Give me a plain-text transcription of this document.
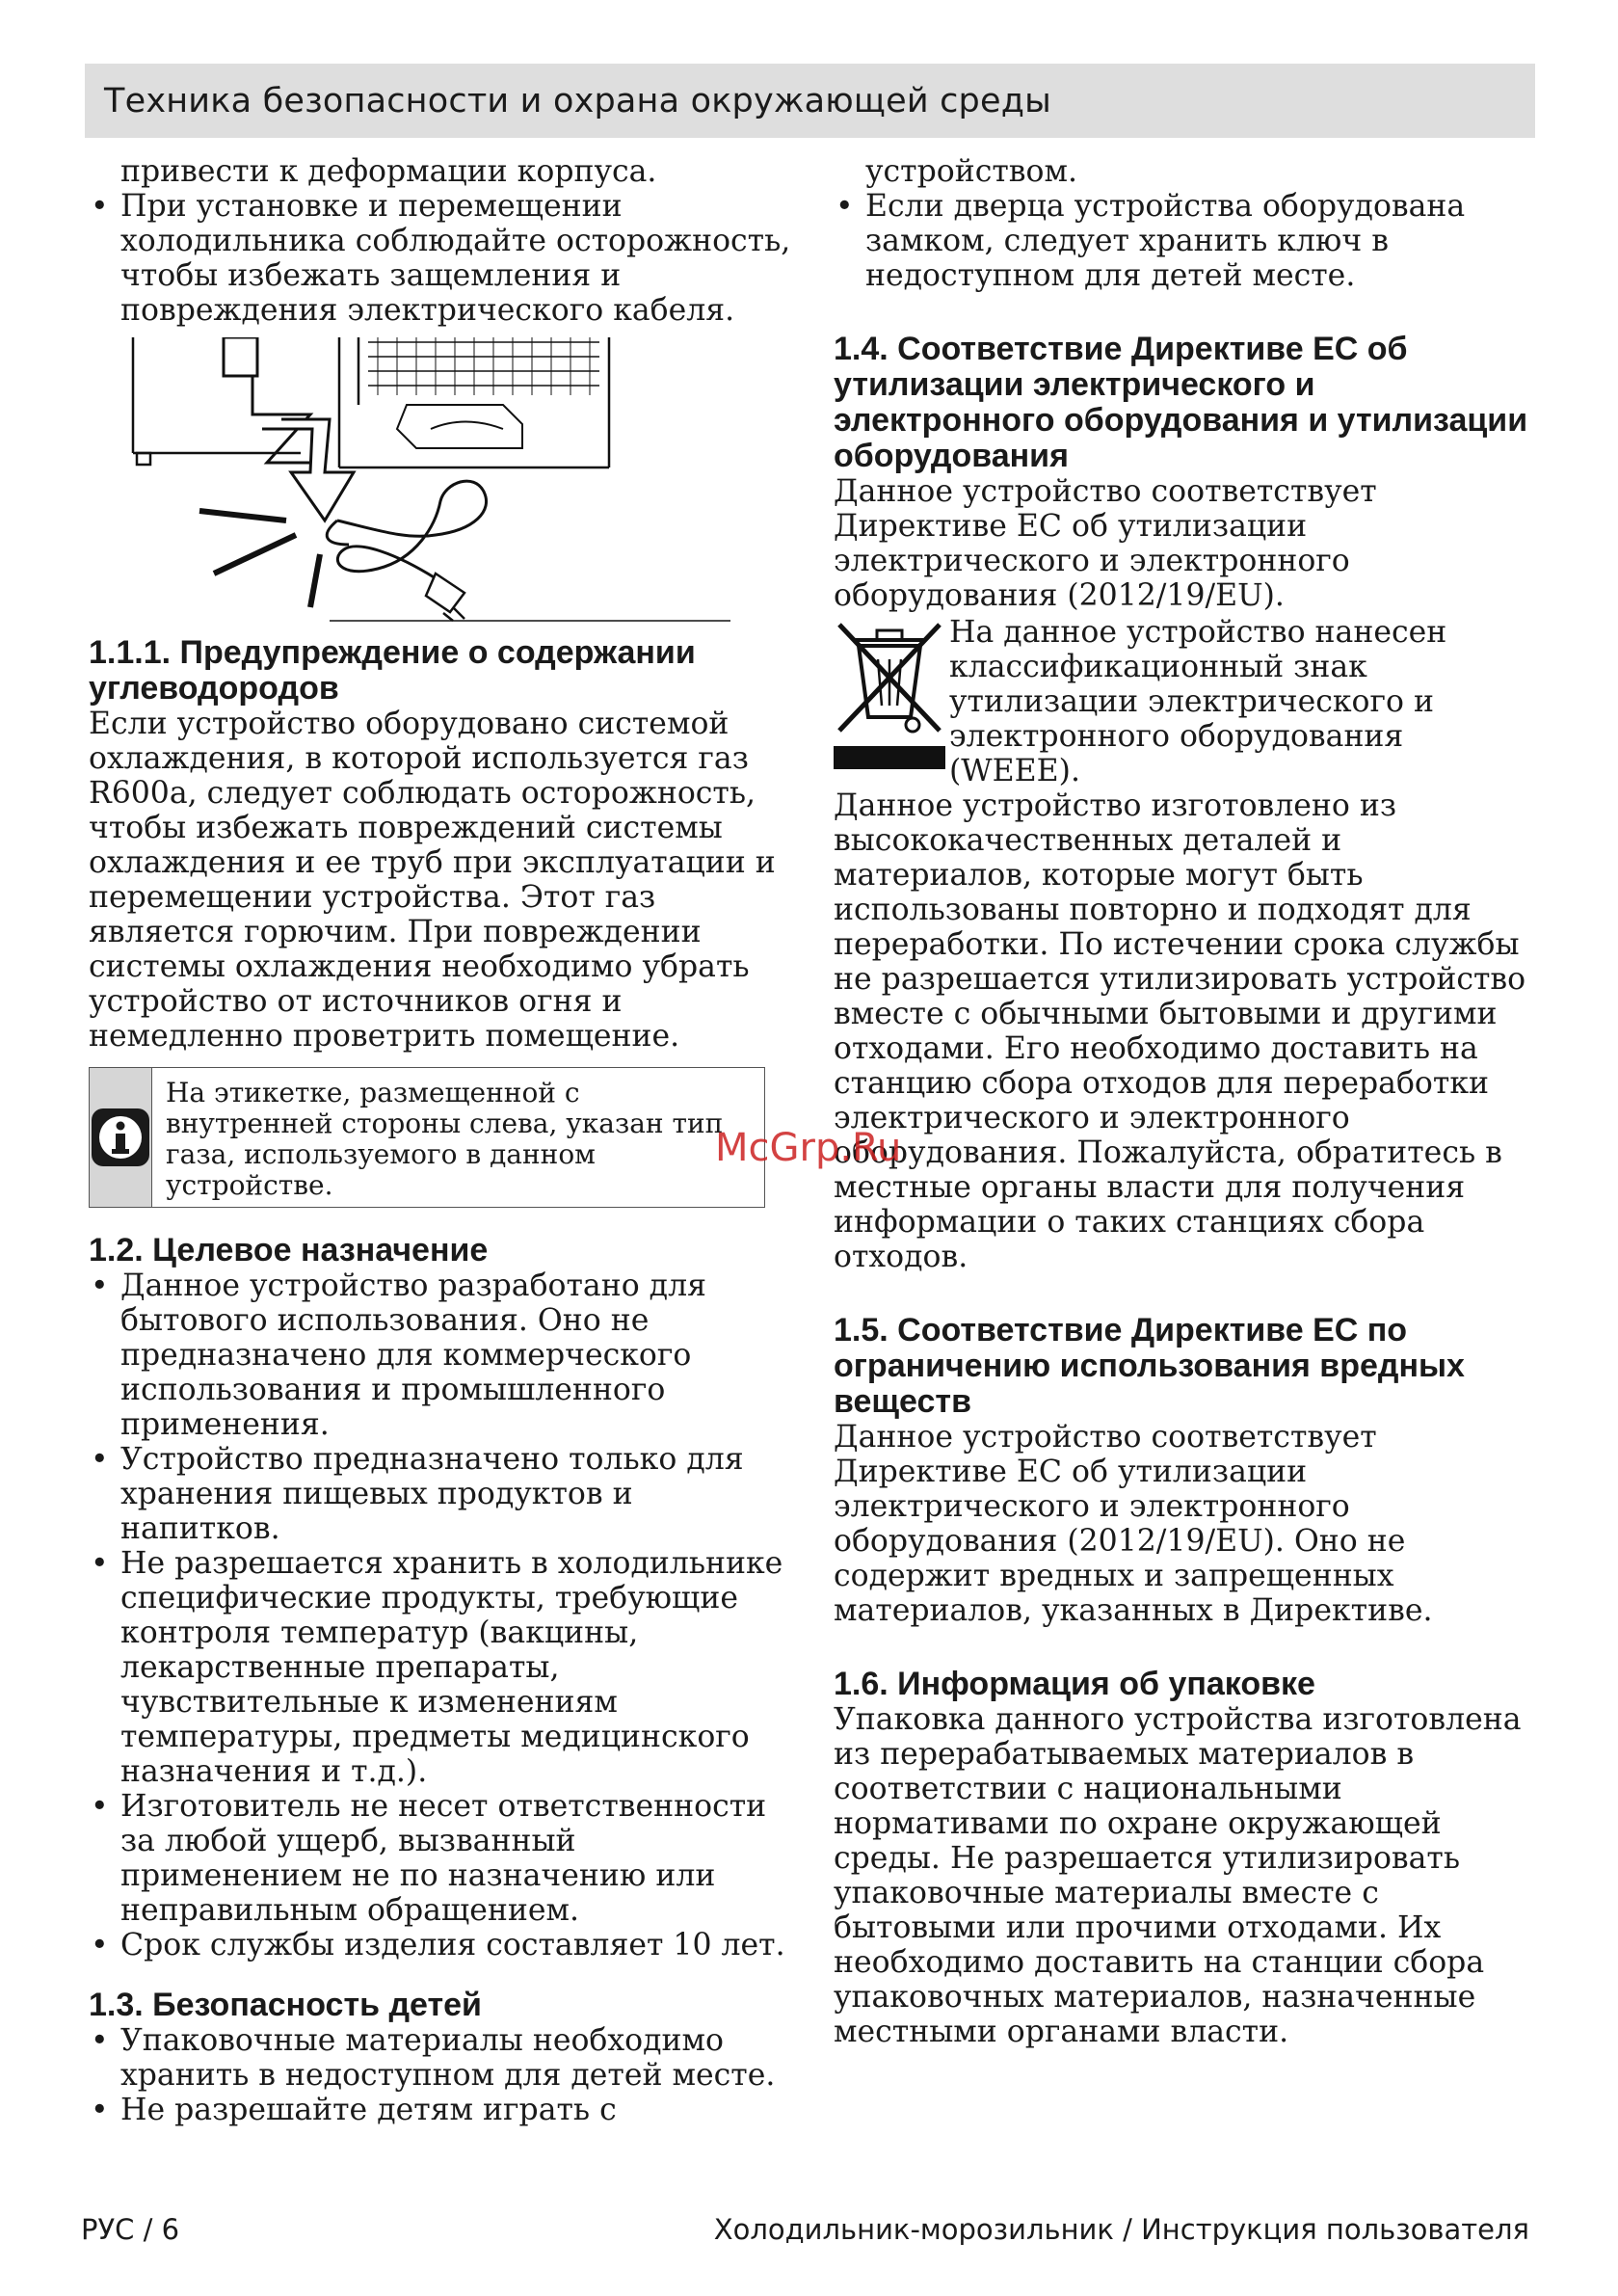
Техника безопасности и охрана окружающей среды
привести к деформации корпуса.
• При установке и перемещении холодильника соблюдайте осторожность, чтобы избежать защемления и повреждения электрического кабеля.
1.1.1. Предупреждение о содержании углеводородов

Если устройство оборудовано системой охлаждения, в которой используется газ R600a, следует соблюдать осторожность, чтобы избежать повреждений системы охлаждения и ее труб при эксплуатации и перемещении устройства. Этот газ является горючим. При повреждении системы охлаждения необходимо убрать устройство от источников огня и немедленно проветрить помещение.

На этикетке, размещенной с внутренней стороны слева, указан тип газа, используемого в данном устройстве.
1.2. Целевое назначение
• Данное устройство разработано для бытового использования. Оно не предназначено для коммерческого использования и промышленного применения.
• Устройство предназначено только для хранения пищевых продуктов и напитков.
• Не разрешается хранить в холодильнике специфические продукты, требующие контроля температур (вакцины, лекарственные препараты, чувствительные к изменениям температуры, предметы медицинского назначения и т.д.).
• Изготовитель не несет ответственности за любой ущерб, вызванный применением не по назначению или неправильным обращением.
• Срок службы изделия составляет 10 лет.
1.3. Безопасность детей
• Упаковочные материалы необходимо хранить в недоступном для детей месте.
• Не разрешайте детям играть с
устройством.
• Если дверца устройства оборудована замком, следует хранить ключ в недоступном для детей месте.
1.4. Соответствие Директиве ЕС об утилизации электрического и электронного оборудования и утилизации оборудования

Данное устройство соответствует Директиве ЕС об утилизации электрического и электронного оборудования (2012/19/EU).

На данное устройство нанесен классификационный знак утилизации электрического и электронного оборудования (WEEE).

Данное устройство изготовлено из высококачественных деталей и материалов, которые могут быть использованы повторно и подходят для переработки. По истечении срока службы не разрешается утилизировать устройство вместе с обычными бытовыми и другими отходами. Его необходимо доставить на станцию сбора отходов для переработки электрического и электронного оборудования. Пожалуйста, обратитесь в местные органы власти для получения информации о таких станциях сбора отходов.

1.5. Соответствие Директиве ЕС по ограничению использования вредных веществ

Данное устройство соответствует Директиве ЕС об утилизации электрического и электронного оборудования (2012/19/EU). Оно не содержит вредных и запрещенных материалов, указанных в Директиве.

1.6. Информация об упаковке

Упаковка данного устройства изготовлена из перерабатываемых материалов в соответствии с национальными нормативами по охране окружающей среды. Не разрешается утилизировать упаковочные материалы вместе с бытовыми или прочими отходами. Их необходимо доставить на станции сбора упаковочных материалов, назначенные местными органами власти.

McGrp.Ru
РУС / 6	Холодильник-морозильник / Инструкция пользователя
